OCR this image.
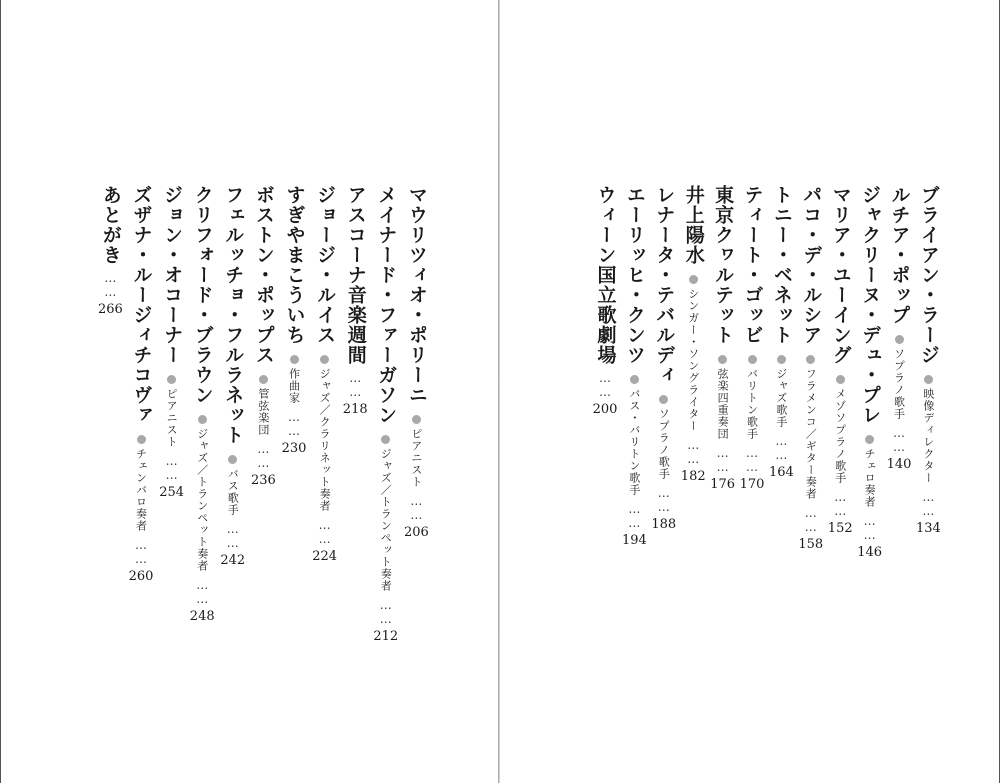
マウリツィオ・ポリーニ
ピアニスト
……
206
メイナード・ファーガソン
ジャズ／トランペット奏者
……
212
アスコーナ音楽週間
……
218
ジョージ・ルイス
ジャズ／クラリネット奏者
……
224
すぎやまこういち
作曲家
……
230
ボストン・ポップス
管弦楽団
……
236
フェルッチョ・フルラネット
バス歌手
……
242
クリフォード・ブラウン
ジャズ／トランペット奏者
……
248
ジョン・オコーナー
ピアニスト
……
254
ズザナ・ルージィチコヴァ
チェンバロ奏者
……
260
あとがき
……
266	ブライアン・ラージ
映像ディレクター
……
134
ルチア・ポップ
ソプラノ歌手
……
140
ジャクリーヌ・デュ・プレ
チェロ奏者
……
146
マリア・ユーイング
メゾソプラノ歌手
……
152
パコ・デ・ルシア
フラメンコ／ギター奏者
……
158
トニー・ベネット
ジャズ歌手
……
164
ティート・ゴッビ
バリトン歌手
……
170
東京クヮルテット
弦楽四重奏団
……
176
井上陽水
シンガー・ソングライター
……
182
レナータ・テバルディ
ソプラノ歌手
……
188
エーリッヒ・クンツ
バス・バリトン歌手
……
194
ウィーン国立歌劇場
……
200
